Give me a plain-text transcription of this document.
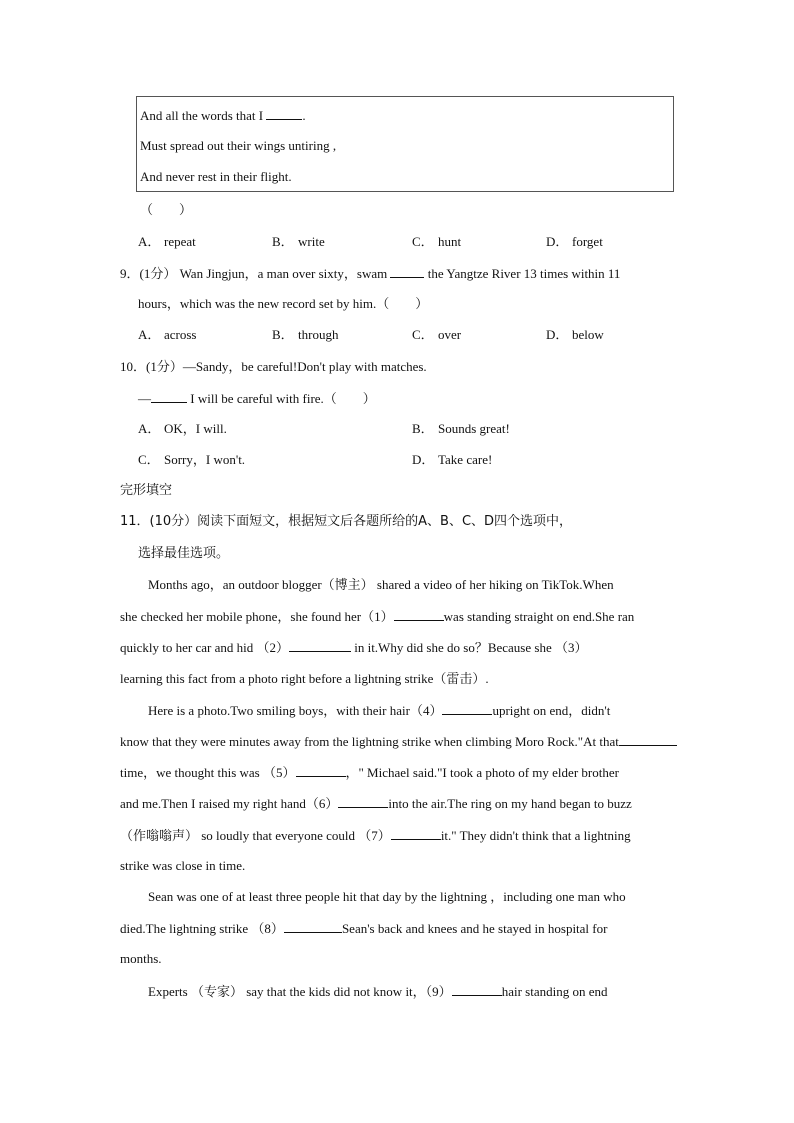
And all the words that I	.
Must spread out their wings untiring ,
And never rest in their flight.
（　　）
A． repeat	B． write	C． hunt	D． forget
9．(1分） Wan Jingjun，a man over sixty，swam	the Yangtze River 13 times within 11
hours，which was the new record set by him.（　　）
A． across	B． through	C． over	D． below
10．(1分）—Sandy，be careful!Don't play with matches.
—	I will be careful with fire.（　　）
A． OK，I will.	B． Sounds great!
C． Sorry，I won't.	D． Take care!
完形填空
11．(10分）阅读下面短文，根据短文后各题所给的A、B、C、D四个选项中，
选择最佳选项。
Months ago，an outdoor blogger（博主） shared a video of her hiking on TikTok.When
she checked her mobile phone，she found her（1）	was standing straight on end.She ran
quickly to her car and hid （2）	in it.Why did she do so？Because she （3）
learning this fact from a photo right before a lightning strike（雷击）.
Here is a photo.Two smiling boys，with their hair（4）	upright on end，didn't
know that they were minutes away from the lightning strike when climbing Moro Rock."At that
time，we thought this was （5）	，" Michael said."I took a photo of my elder brother
and me.Then I raised my right hand（6）	into the air.The ring on my hand began to buzz
（作嗡嗡声） so loudly that everyone could （7）	it." They didn't think that a lightning
strike was close in time.
Sean was one of at least three people hit that day by the lightning ，including one man who
died.The lightning strike （8）	Sean's back and knees and he stayed in hospital for
months.
Experts （专家） say that the kids did not know it，（9）	hair standing on end
